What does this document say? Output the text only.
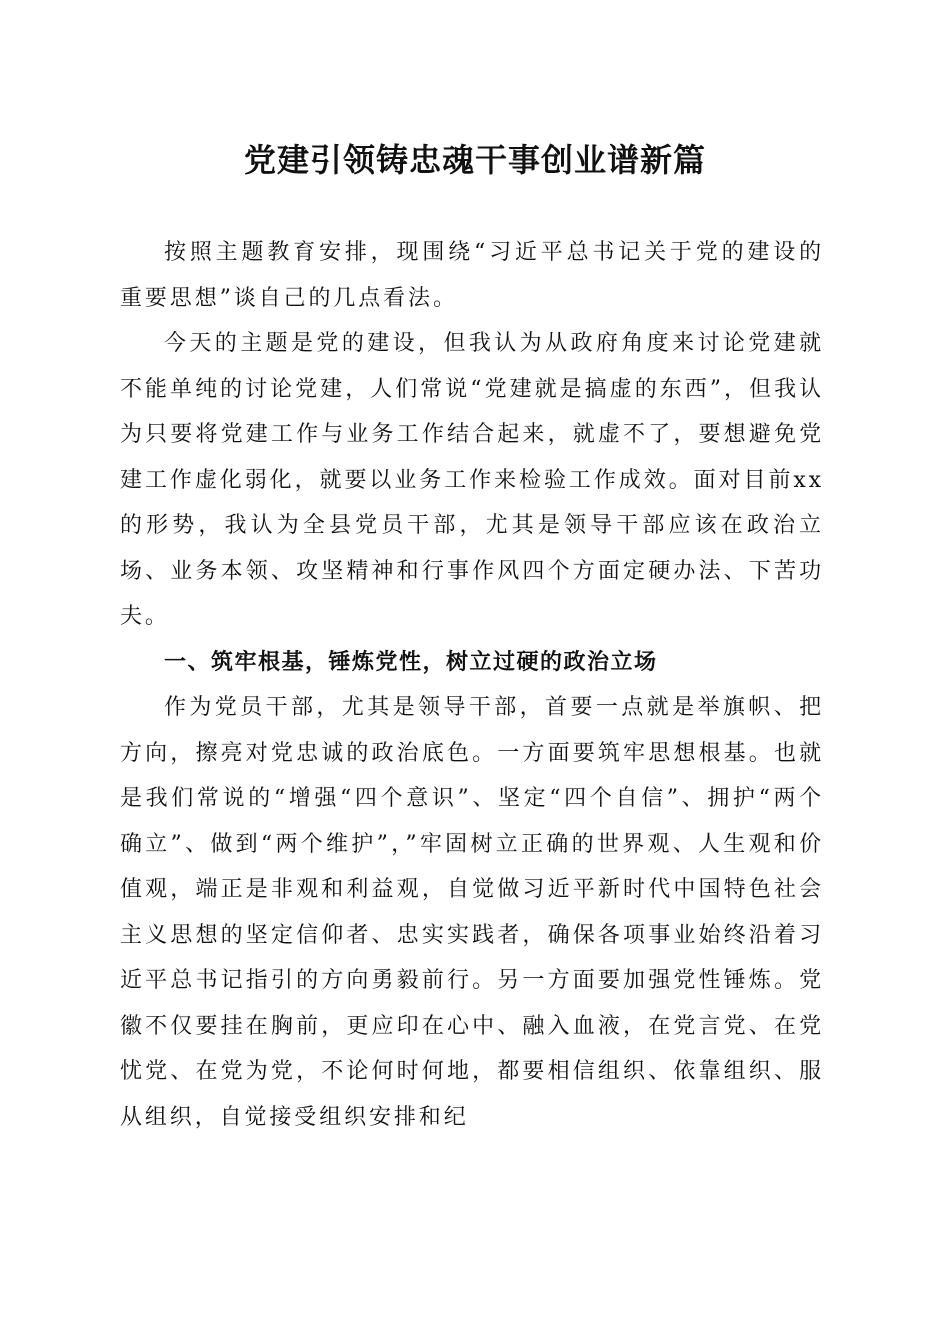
党建引领铸忠魂干事创业谱新篇

按照主题教育安排，现围绕“习近平总书记关于党的建设的重要思想”谈自己的几点看法。

今天的主题是党的建设，但我认为从政府角度来讨论党建就不能单纯的讨论党建，人们常说“党建就是搞虚的东西”，但我认为只要将党建工作与业务工作结合起来，就虚不了，要想避免党建工作虚化弱化，就要以业务工作来检验工作成效。面对目前xx的形势，我认为全县党员干部，尤其是领导干部应该在政治立场、业务本领、攻坚精神和行事作风四个方面定硬办法、下苦功夫。

一、筑牢根基，锤炼党性，树立过硬的政治立场

作为党员干部，尤其是领导干部，首要一点就是举旗帜、把方向，擦亮对党忠诚的政治底色。一方面要筑牢思想根基。也就是我们常说的“增强“四个意识”、坚定“四个自信”、拥护“两个确立”、做到“两个维护”，”牢固树立正确的世界观、人生观和价值观，端正是非观和利益观，自觉做习近平新时代中国特色社会主义思想的坚定信仰者、忠实实践者，确保各项事业始终沿着习近平总书记指引的方向勇毅前行。另一方面要加强党性锤炼。党徽不仅要挂在胸前，更应印在心中、融入血液，在党言党、在党忧党、在党为党，不论何时何地，都要相信组织、依靠组织、服从组织，自觉接受组织安排和纪
